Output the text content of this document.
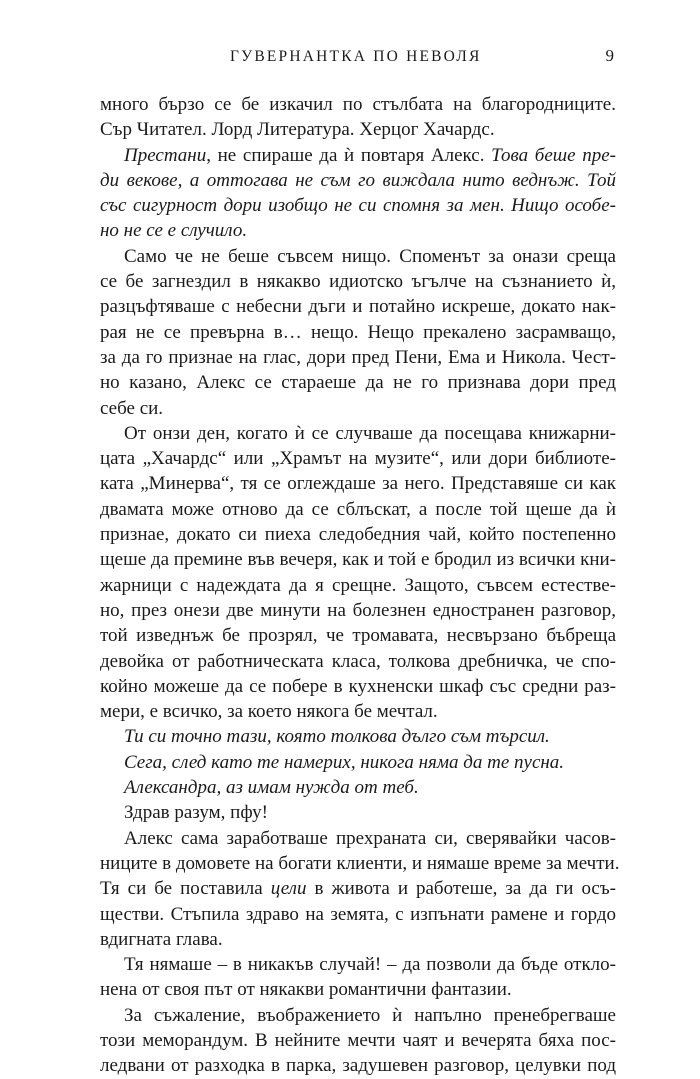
ГУВЕРНАНТКА ПО НЕВОЛЯ	9
много бързо се бе изкачил по стълбата на благородниците.
Сър Читател. Лорд Литература. Херцог Хачардс.
Престани, не спираше да ѝ повтаря Алекс. Това беше пре-
ди векове, а оттогава не съм го виждала нито веднъж. Той
със сигурност дори изобщо не си спомня за мен. Нищо особе-
но не се е случило.
Само че не беше съвсем нищо. Споменът за онази среща
се бе загнездил в някакво идиотско ъгълче на съзнанието ѝ,
разцъфтяваше с небесни дъги и потайно искреше, докато нак-
рая не се превърна в… нещо. Нещо прекалено засрамващо,
за да го признае на глас, дори пред Пени, Ема и Никола. Чест-
но казано, Алекс се стараеше да не го признава дори пред
себе си.
От онзи ден, когато ѝ се случваше да посещава книжарни-
цата „Хачардс“ или „Храмът на музите“, или дори библиоте-
ката „Минерва“, тя се оглеждаше за него. Представяше си как
двамата може отново да се сблъскат, а после той щеше да ѝ
признае, докато си пиеха следобедния чай, който постепенно
щеше да премине във вечеря, как и той е бродил из всички кни-
жарници с надеждата да я срещне. Защото, съвсем естестве-
но, през онези две минути на болезнен едностранен разговор,
той изведнъж бе прозрял, че тромавата, несвързано бъбреща
девойка от работническата класа, толкова дребничка, че спо-
койно можеше да се побере в кухненски шкаф със средни раз-
мери, е всичко, за което някога бе мечтал.
Ти си точно тази, която толкова дълго съм търсил.
Сега, след като те намерих, никога няма да те пусна.
Александра, аз имам нужда от теб.
Здрав разум, пфу!
Алекс сама заработваше прехраната си, сверявайки часов-
ниците в домовете на богати клиенти, и нямаше време за мечти.
Тя си бе поставила цели в живота и работеше, за да ги осъ-
ществи. Стъпила здраво на земята, с изпънати рамене и гордо
вдигната глава.
Тя нямаше – в никакъв случай! – да позволи да бъде откло-
нена от своя път от някакви романтични фантазии.
За съжаление, въображението ѝ напълно пренебрегваше
този меморандум. В нейните мечти чаят и вечерята бяха пос-
ледвани от разходка в парка, задушевен разговор, целувки под
